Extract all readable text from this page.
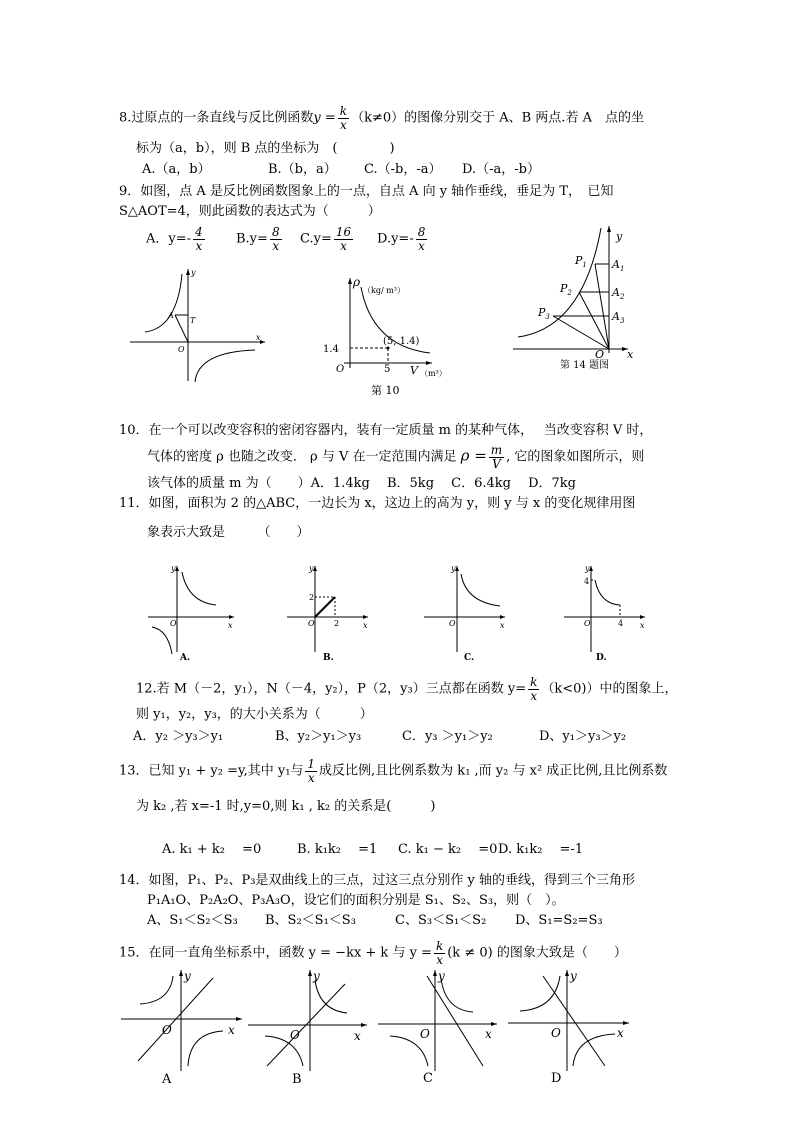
8.过原点的一条直线与反比例函数$y = \frac{k}{x} (k\ne 0)$的图像分别交于 A、B 两点.若 A　点的坐
标为（a，b），则 B 点的坐标为　(　　　　)
A.（a，b）	B.（b，a） C.（-b，-a） D.（-a，-b）
9．如图，点 A 是反比例函数图象上的一点，自点 A 向 y 轴作垂线，垂足为 T，　已知
S△AOT=4，则此函数的表达式为（　　　）
A．$y=- \frac{4}{x} B.y= \frac{8}{x} C.y= \frac{16}{x} D.y=- \frac{8}{x}$
y
A
T
O
x
ρ
（kg/ m³）
(5, 1.4)
1.4
O	5 V （m³）
第 10
y
$P_1$
$P_2$
$P_3$
$A_1$
$A_2$
$A_3$
O x
第 14 题图
10．在一个可以改变容积的密闭容器内，装有一定质量 m 的某种气体，　 当改变容积 V 时，
气体的密度 ρ 也随之改变． ρ 与 V 在一定范围内满足 $\rho = \frac{m}{V}$ , 它的图象如图所示，则
该气体的质量 m 为（　　）A．1.4kg　 B．5kg　 C．6.4kg　 D．7kg
11．如图，面积为 2 的△ABC，一边长为 x，这边上的高为 y，则 y 与 x 的变化规律用图
象表示大致是　　　（　　）
y
O	x
A.
y
2
O 2	x
B.
y
O	x
C.
y
4
O	4 x
D.
12.若 M（－2，y₁），N（－4，y₂），P（2，y₃）三点都在函数 $y= \frac{k}{x} (k<0)$）中的图象上，
则 y₁，y₂，y₃，的大小关系为（　　　）
A．y₂ ＞y₃＞y₁	B、y₂＞y₁＞y₃	C．y₃ ＞y₁＞y₂	D、y₁＞y₃＞y₂
13．已知 y₁ + y₂ =y,其中 y₁与 $\frac{1}{x}$ 成反比例,且比例系数为 k₁ ,而 y₂ 与 x² 成正比例,且比例系数
为 k₂ ,若 x=-1 时,y=0,则 k₁ , k₂ 的关系是(　　　)
A. k₁ + k₂ 　=0	B. k₁k₂ 　=1 C. k₁ − k₂ 　=0 D. k₁k₂ 　=-1
14．如图，P₁、P₂、P₃是双曲线上的三点，过这三点分别作 y 轴的垂线，得到三个三角形
P₁A₁O、P₂A₂O、P₃A₃O，设它们的面积分别是 S₁、S₂、S₃，则（　）。
A、S₁＜S₂＜S₃ B、S₂＜S₁＜S₃	C、S₃＜S₁＜S₂ D、S₁=S₂=S₃
15．在同一直角坐标系中，函数 y = −kx + k 与 $y = \frac{k}{x} (k \ne 0)$ 的图象大致是（　　）
y
O	x
A
y
O	x
B
y
O	x
C
y
O	x
D
